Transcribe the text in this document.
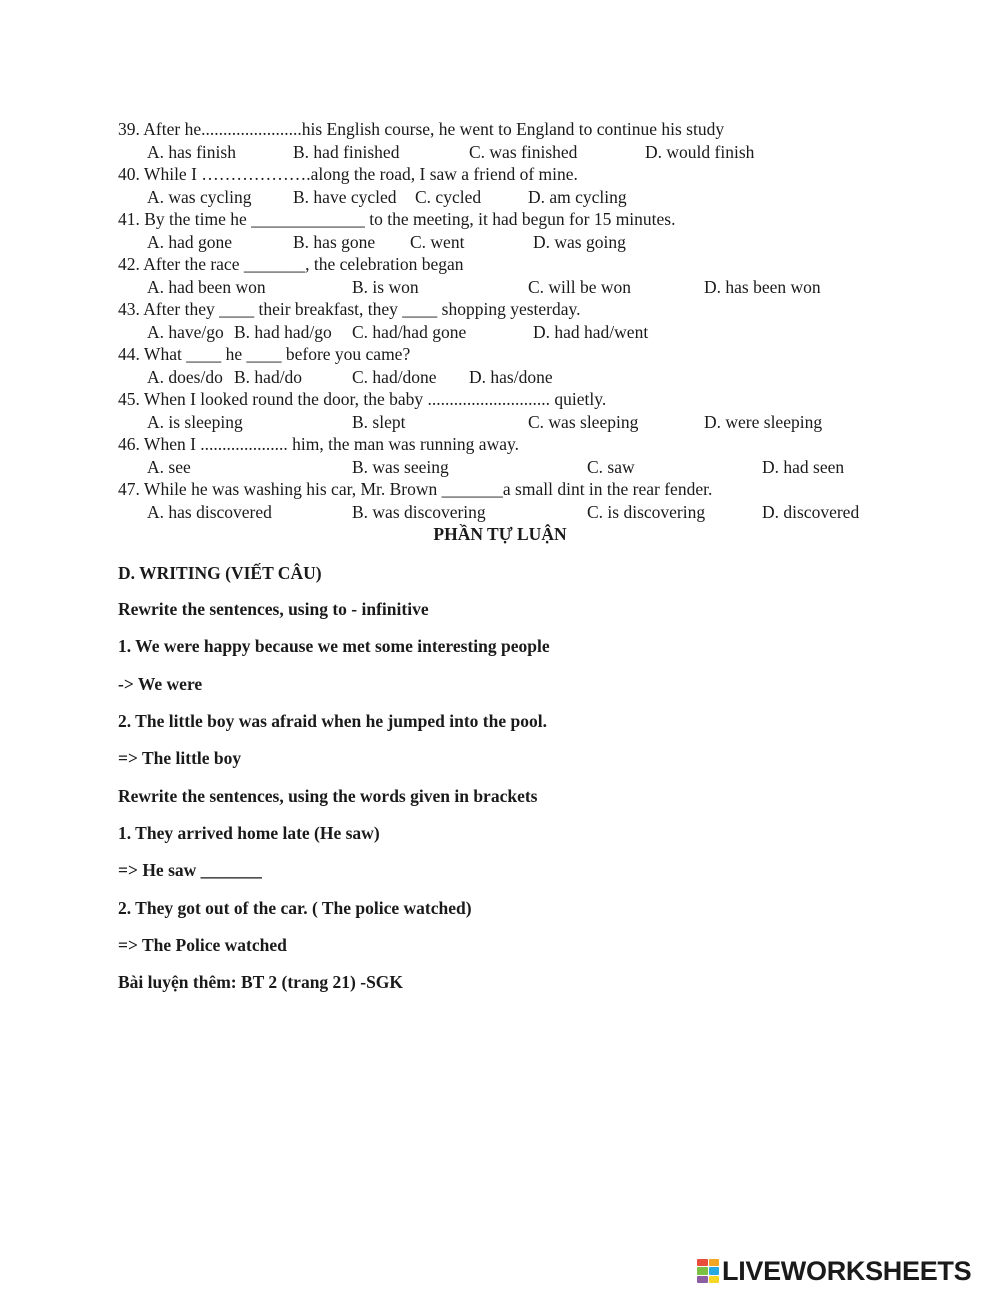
39. After he.......................his English course, he went to England to continue his study
A. has finish	B. had finished	C. was finished	D. would finish
40. While I ……………….along the road, I saw a friend of mine.
A. was cycling B. have cycled C. cycled	D. am cycling
41. By the time he _____________ to the meeting, it had begun for 15 minutes.
A. had gone	B. has gone C. went	D. was going
42. After the race _______, the celebration began
A. had been won	B. is won	C. will be won	D. has been won
43. After they ____ their breakfast, they ____ shopping yesterday.
A. have/go B. had had/go C. had/had gone	D. had had/went
44. What ____ he ____ before you came?
A. does/do B. had/do	C. had/done D. has/done
45. When I looked round the door, the baby ............................ quietly.
A. is sleeping	B. slept	C. was sleeping	D. were sleeping
46. When I .................... him, the man was running away.
A. see	B. was seeing	C. saw	D. had seen
47. While he was washing his car, Mr. Brown _______a small dint in the rear fender.
A. has discovered	B. was discovering	C. is discovering	D. discovered
PHẦN TỰ LUẬN
D. WRITING (VIẾT CÂU)
Rewrite the sentences, using to - infinitive
1. We were happy because we met some interesting people
-> We were
2. The little boy was afraid when he jumped into the pool.
=> The little boy
Rewrite the sentences, using the words given in brackets
1. They arrived home late (He saw)
=> He saw _______
2. They got out of the car. ( The police watched)
=> The Police watched
Bài luyện thêm: BT 2 (trang 21) -SGK
LIVEWORKSHEETS
